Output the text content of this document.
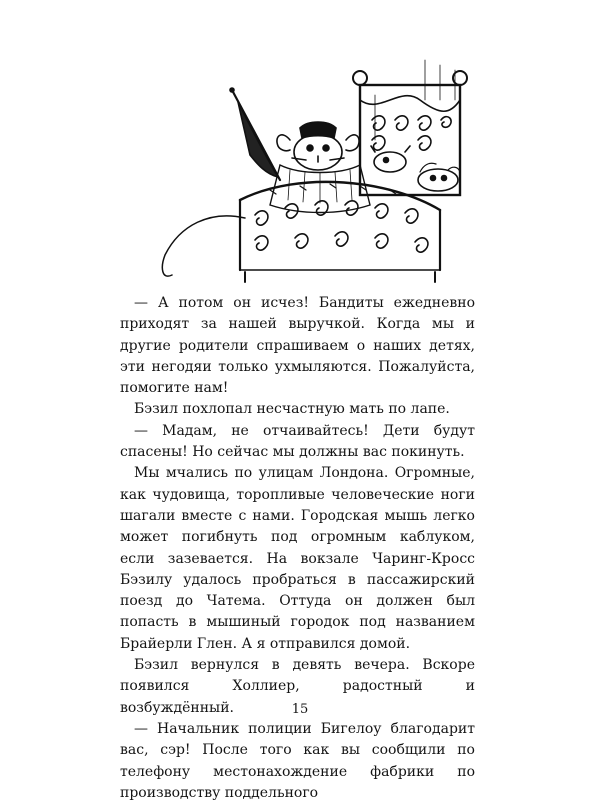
— А потом он исчез! Бандиты ежедневно приходят за нашей выручкой. Когда мы и другие родители спрашиваем о наших детях, эти негодяи только ухмыляются. Пожалуйста, помогите нам!

Бэзил похлопал несчастную мать по лапе.

— Мадам, не отчаивайтесь! Дети будут спасены! Но сейчас мы должны вас покинуть.

Мы мчались по улицам Лондона. Огромные, как чудовища, торопливые человеческие ноги шагали вместе с нами. Городская мышь легко может погибнуть под огромным каблуком, если зазевается. На вокзале Чаринг-Кросс Бэзилу удалось пробраться в пассажирский поезд до Чатема. Оттуда он должен был попасть в мышиный городок под названием Брайерли Глен. А я отправился домой.

Бэзил вернулся в девять вечера. Вскоре появился Холлиер, радостный и возбуждённый.

— Начальник полиции Бигелоу благодарит вас, сэр! После того как вы сообщили по телефону местонахождение фабрики по производству поддельного

15
